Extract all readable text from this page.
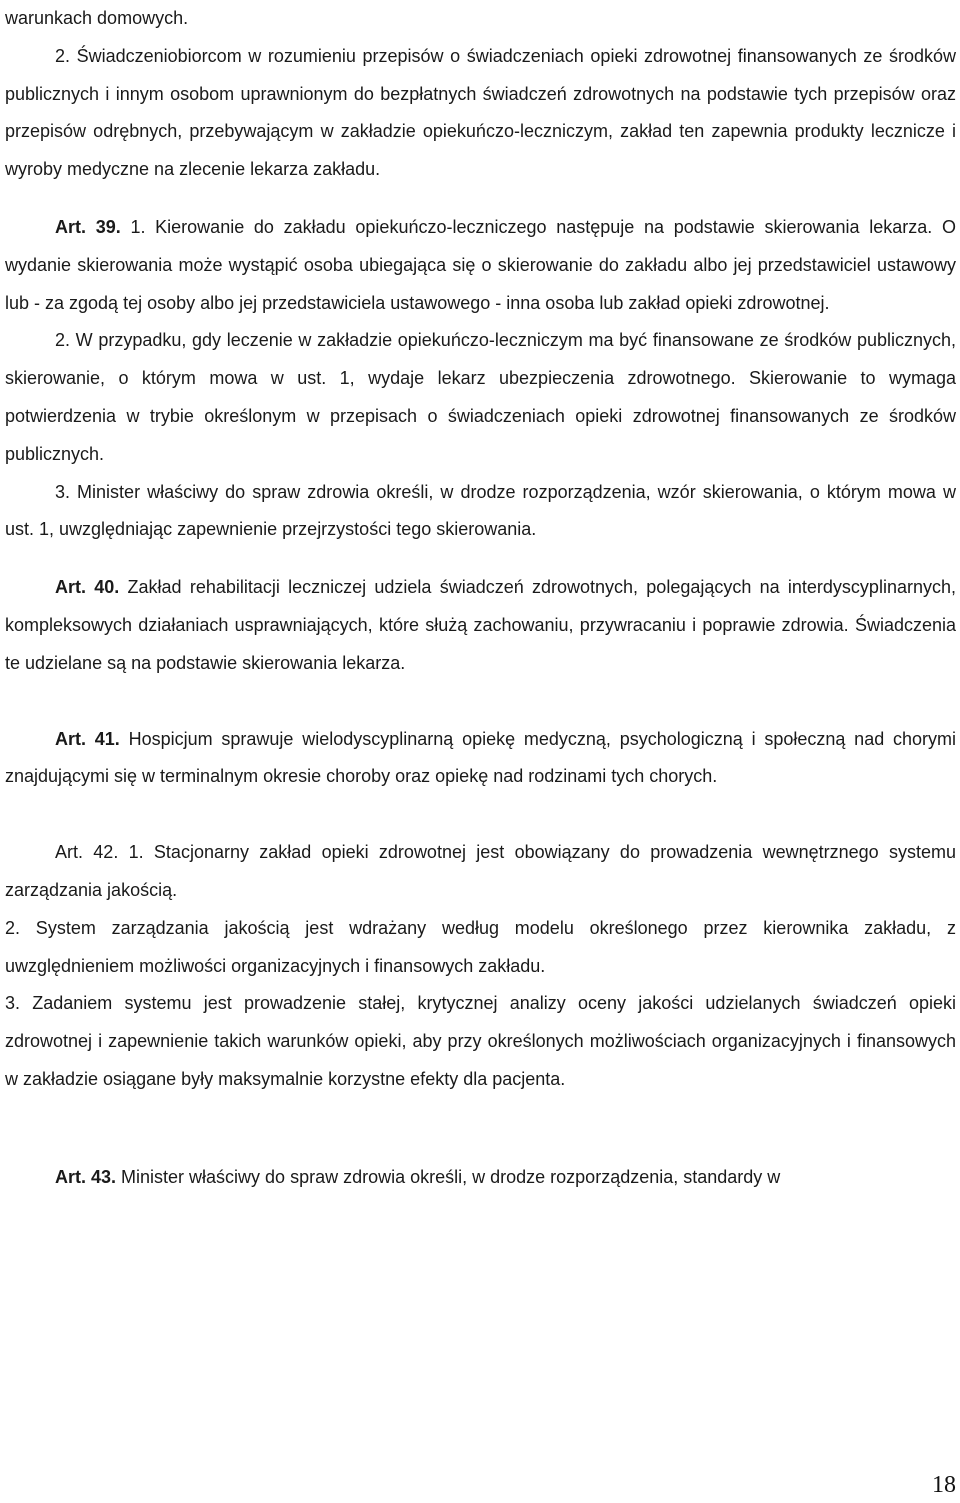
warunkach domowych.

2. Świadczeniobiorcom w rozumieniu przepisów o świadczeniach opieki zdrowotnej finansowanych ze środków publicznych i innym osobom uprawnionym do bezpłatnych świadczeń zdrowotnych na podstawie tych przepisów oraz przepisów odrębnych, przebywającym w zakładzie opiekuńczo-leczniczym, zakład ten zapewnia produkty lecznicze i wyroby medyczne na zlecenie lekarza zakładu.

Art. 39. 1. Kierowanie do zakładu opiekuńczo-leczniczego następuje na podstawie skierowania lekarza. O wydanie skierowania może wystąpić osoba ubiegająca się o skierowanie do zakładu albo jej przedstawiciel ustawowy lub - za zgodą tej osoby albo jej przedstawiciela ustawowego - inna osoba lub zakład opieki zdrowotnej.

2. W przypadku, gdy leczenie w zakładzie opiekuńczo-leczniczym ma być finansowane ze środków publicznych, skierowanie, o którym mowa w ust. 1, wydaje lekarz ubezpieczenia zdrowotnego. Skierowanie to wymaga potwierdzenia w trybie określonym w przepisach o świadczeniach opieki zdrowotnej finansowanych ze środków publicznych.

3. Minister właściwy do spraw zdrowia określi, w drodze rozporządzenia, wzór skierowania, o którym mowa w ust. 1, uwzględniając zapewnienie przejrzystości tego skierowania.

Art. 40. Zakład rehabilitacji leczniczej udziela świadczeń zdrowotnych, polegających na interdyscyplinarnych, kompleksowych działaniach usprawniających, które służą zachowaniu, przywracaniu i poprawie zdrowia. Świadczenia te udzielane są na podstawie skierowania lekarza.

Art. 41. Hospicjum sprawuje wielodyscyplinarną opiekę medyczną, psychologiczną i społeczną nad chorymi znajdującymi się w terminalnym okresie choroby oraz opiekę nad rodzinami tych chorych.

Art. 42. 1. Stacjonarny zakład opieki zdrowotnej jest obowiązany do prowadzenia wewnętrznego systemu zarządzania jakością.

2. System zarządzania jakością jest wdrażany według modelu określonego przez kierownika zakładu, z uwzględnieniem możliwości organizacyjnych i finansowych zakładu.

3. Zadaniem systemu jest prowadzenie stałej, krytycznej analizy oceny jakości udzielanych świadczeń opieki zdrowotnej i zapewnienie takich warunków opieki, aby przy określonych możliwościach organizacyjnych i finansowych w zakładzie osiągane były maksymalnie korzystne efekty dla pacjenta.

Art. 43. Minister właściwy do spraw zdrowia określi, w drodze rozporządzenia, standardy w

18
